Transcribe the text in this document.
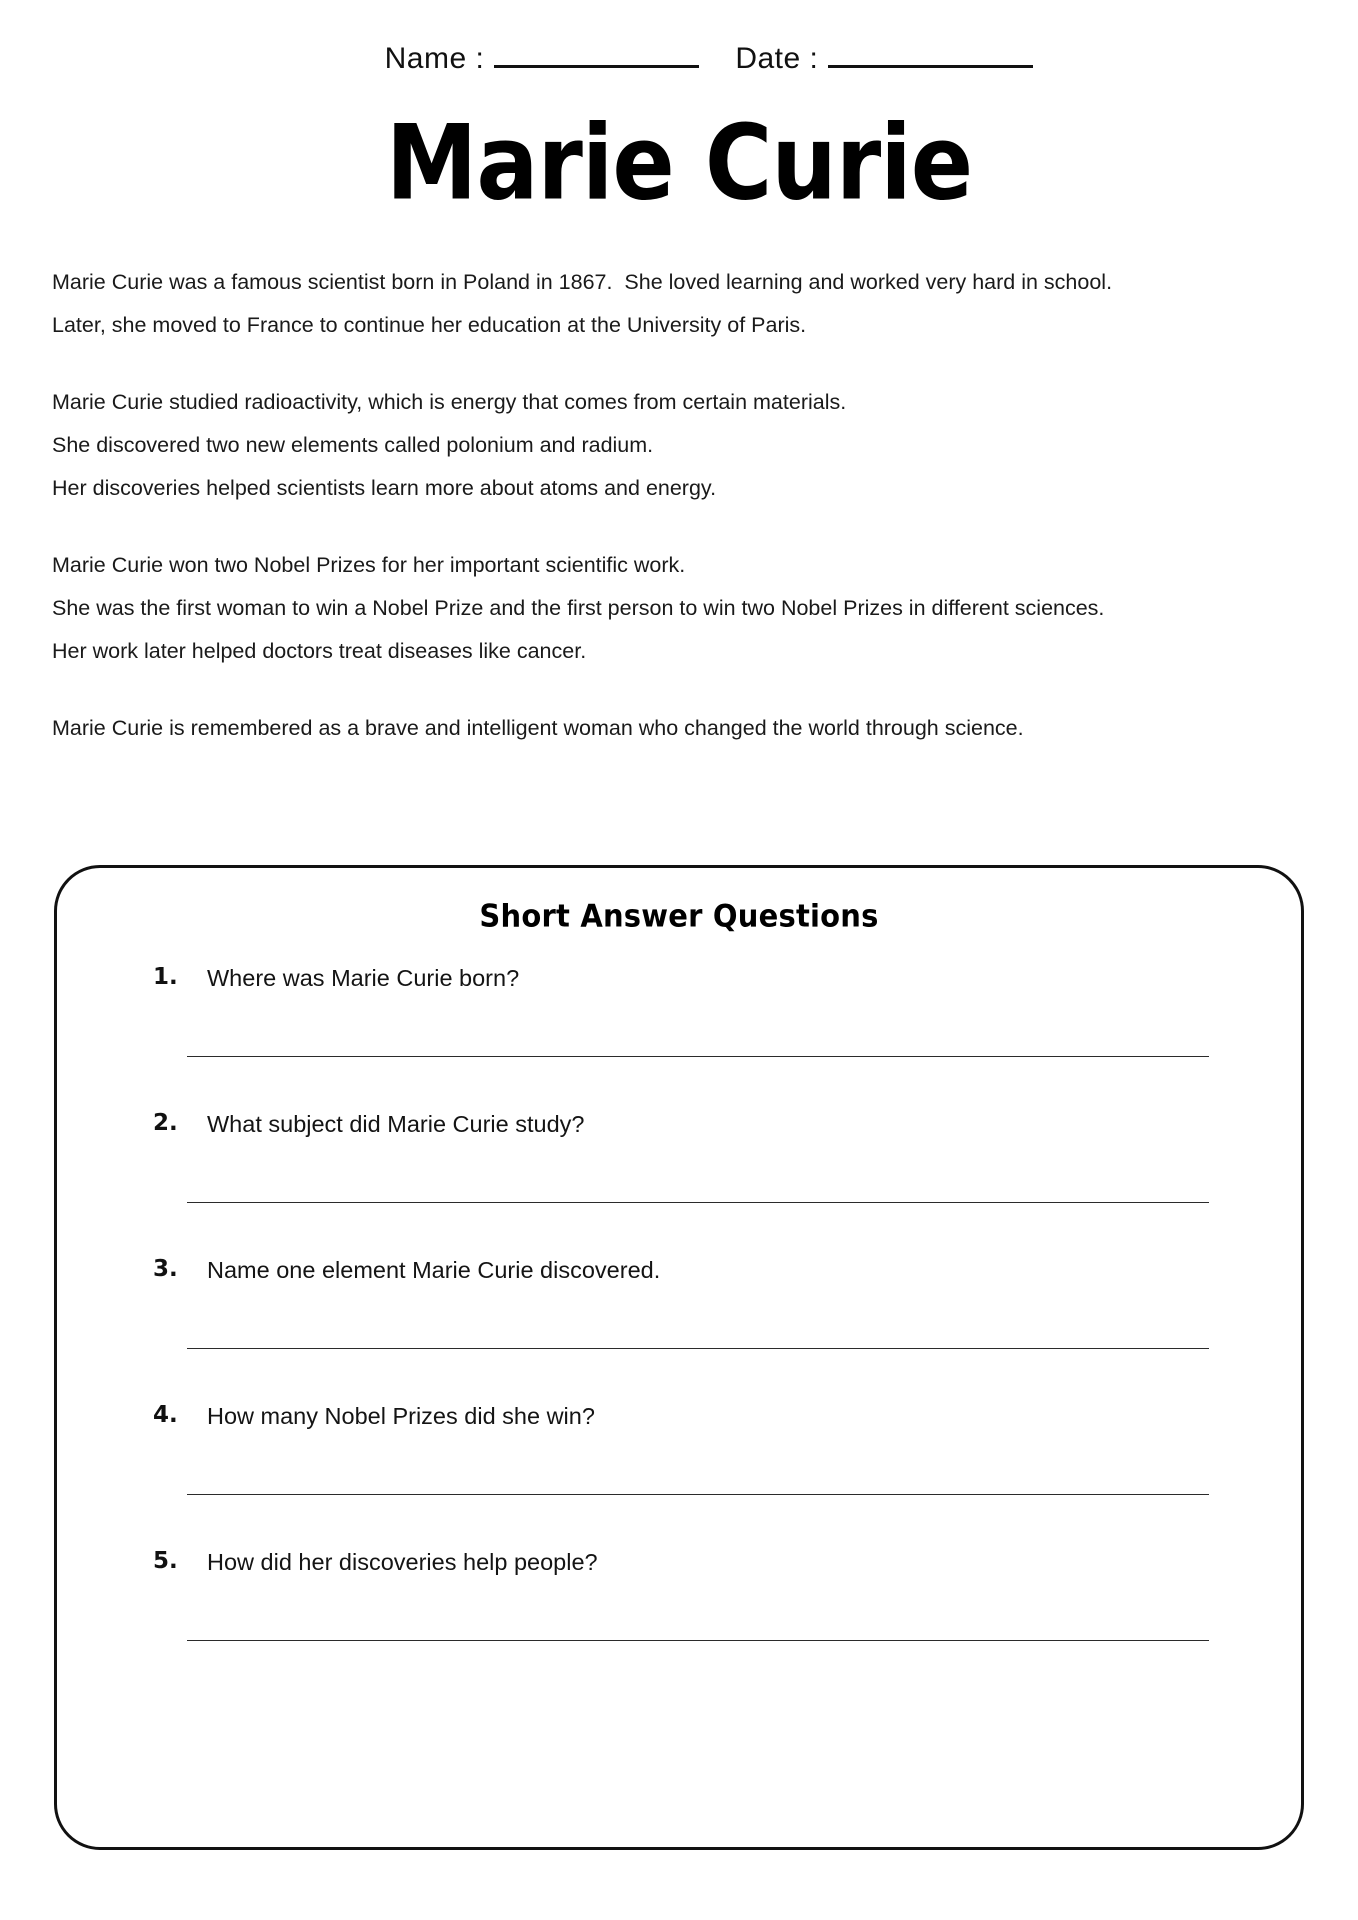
Name :	Date :
Marie Curie
Marie Curie was a famous scientist born in Poland in 1867.  She loved learning and worked very hard in school.
Later, she moved to France to continue her education at the University of Paris.
Marie Curie studied radioactivity, which is energy that comes from certain materials.
She discovered two new elements called polonium and radium.
Her discoveries helped scientists learn more about atoms and energy.
Marie Curie won two Nobel Prizes for her important scientific work.
She was the first woman to win a Nobel Prize and the first person to win two Nobel Prizes in different sciences.
Her work later helped doctors treat diseases like cancer.
Marie Curie is remembered as a brave and intelligent woman who changed the world through science.
Short Answer Questions
1. Where was Marie Curie born?
2. What subject did Marie Curie study?
3. Name one element Marie Curie discovered.
4. How many Nobel Prizes did she win?
5. How did her discoveries help people?
